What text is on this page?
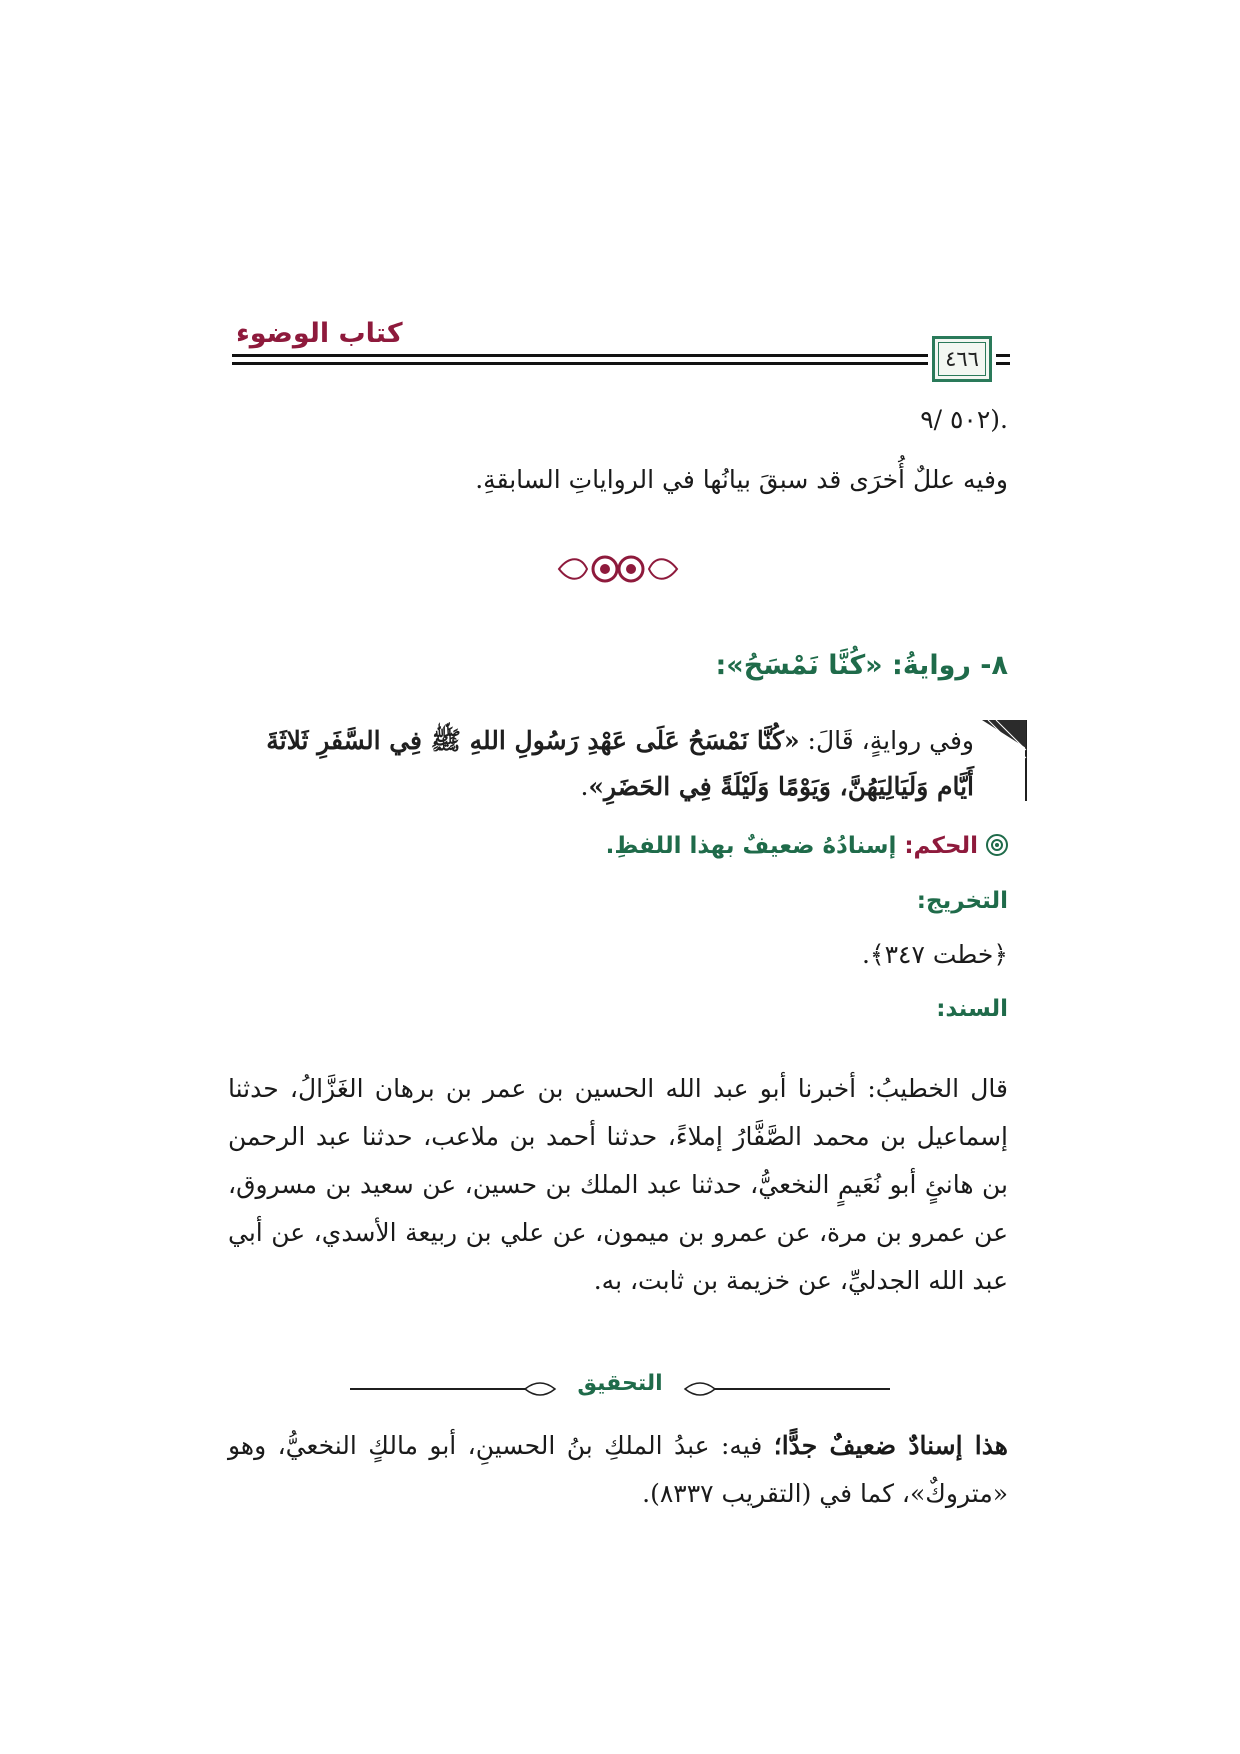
كتاب الوضوء
٤٦٦
.(٥٠٢ /٩
وفيه عللٌ أُخرَى قد سبقَ بيانُها في الرواياتِ السابقةِ.
٨- روايةُ: «كُنَّا نَمْسَحُ»:
وفي روايةٍ، قَالَ: «كُنَّا نَمْسَحُ عَلَى عَهْدِ رَسُولِ اللهِ ﷺ فِي السَّفَرِ ثَلاثَةَ
أَيَّام وَلَيَالِيَهُنَّ، وَيَوْمًا وَلَيْلَةً فِي الحَضَرِ».
الحكم: إسنادُهُ ضعيفٌ بهذا اللفظِ.
التخريج:
﴿خطت ٣٤٧﴾.
السند:
قال الخطيبُ: أخبرنا أبو عبد الله الحسين بن عمر بن برهان الغَزَّالُ، حدثنا إسماعيل بن محمد الصَّفَّارُ إملاءً، حدثنا أحمد بن ملاعب، حدثنا عبد الرحمن بن هانئٍ أبو نُعَيمٍ النخعيُّ، حدثنا عبد الملك بن حسين، عن سعيد بن مسروق، عن عمرو بن مرة، عن عمرو بن ميمون، عن علي بن ربيعة الأسدي، عن أبي عبد الله الجدليِّ، عن خزيمة بن ثابت، به.
التحقيق
هذا إسنادٌ ضعيفٌ جدًّا؛ فيه: عبدُ الملكِ بنُ الحسينِ، أبو مالكٍ النخعيُّ، وهو «متروكٌ»، كما في (التقريب ٨٣٣٧).
